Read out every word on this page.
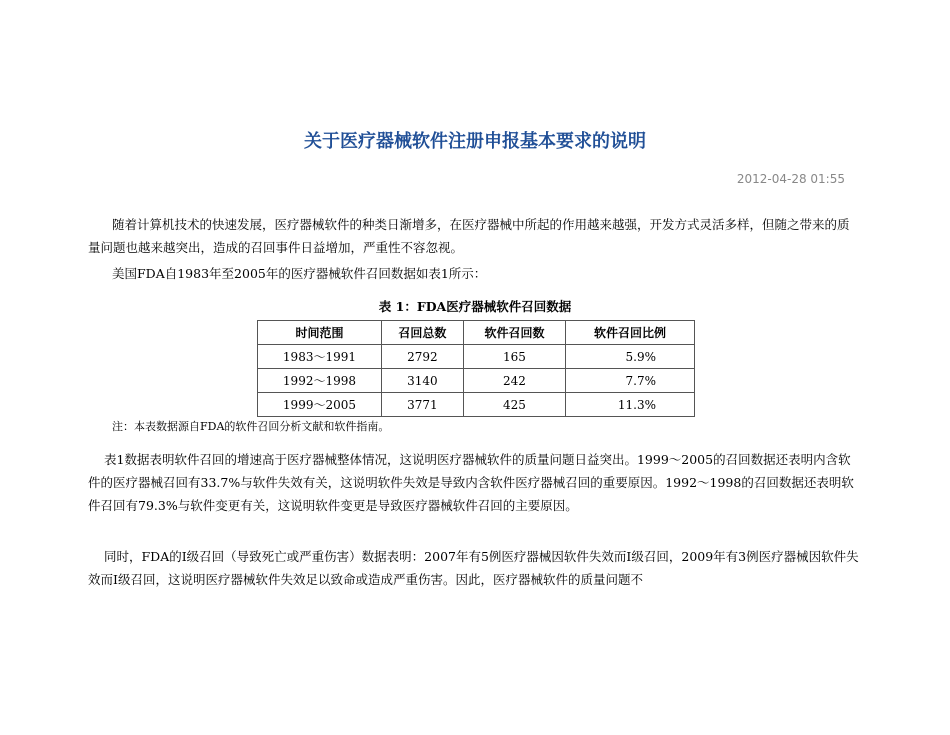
关于医疗器械软件注册申报基本要求的说明
2012-04-28 01:55

随着计算机技术的快速发展，医疗器械软件的种类日渐增多，在医疗器械中所起的作用越来越强，开发方式灵活多样，但随之带来的质量问题也越来越突出，造成的召回事件日益增加，严重性不容忽视。

美国FDA自1983年至2005年的医疗器械软件召回数据如表1所示：

表 1：FDA医疗器械软件召回数据
时间范围	召回总数	软件召回数	软件召回比例
1983～1991	2792	165	5.9%
1992～1998	3140	242	7.7%
1999～2005	3771	425	11.3%
注：本表数据源自FDA的软件召回分析文献和软件指南。

表1数据表明软件召回的增速高于医疗器械整体情况，这说明医疗器械软件的质量问题日益突出。1999～2005的召回数据还表明内含软件的医疗器械召回有33.7%与软件失效有关，这说明软件失效是导致内含软件医疗器械召回的重要原因。1992～1998的召回数据还表明软件召回有79.3%与软件变更有关，这说明软件变更是导致医疗器械软件召回的主要原因。

同时，FDA的Ⅰ级召回（导致死亡或严重伤害）数据表明：2007年有5例医疗器械因软件失效而Ⅰ级召回，2009年有3例医疗器械因软件失效而Ⅰ级召回，这说明医疗器械软件失效足以致命或造成严重伤害。因此，医疗器械软件的质量问题不
